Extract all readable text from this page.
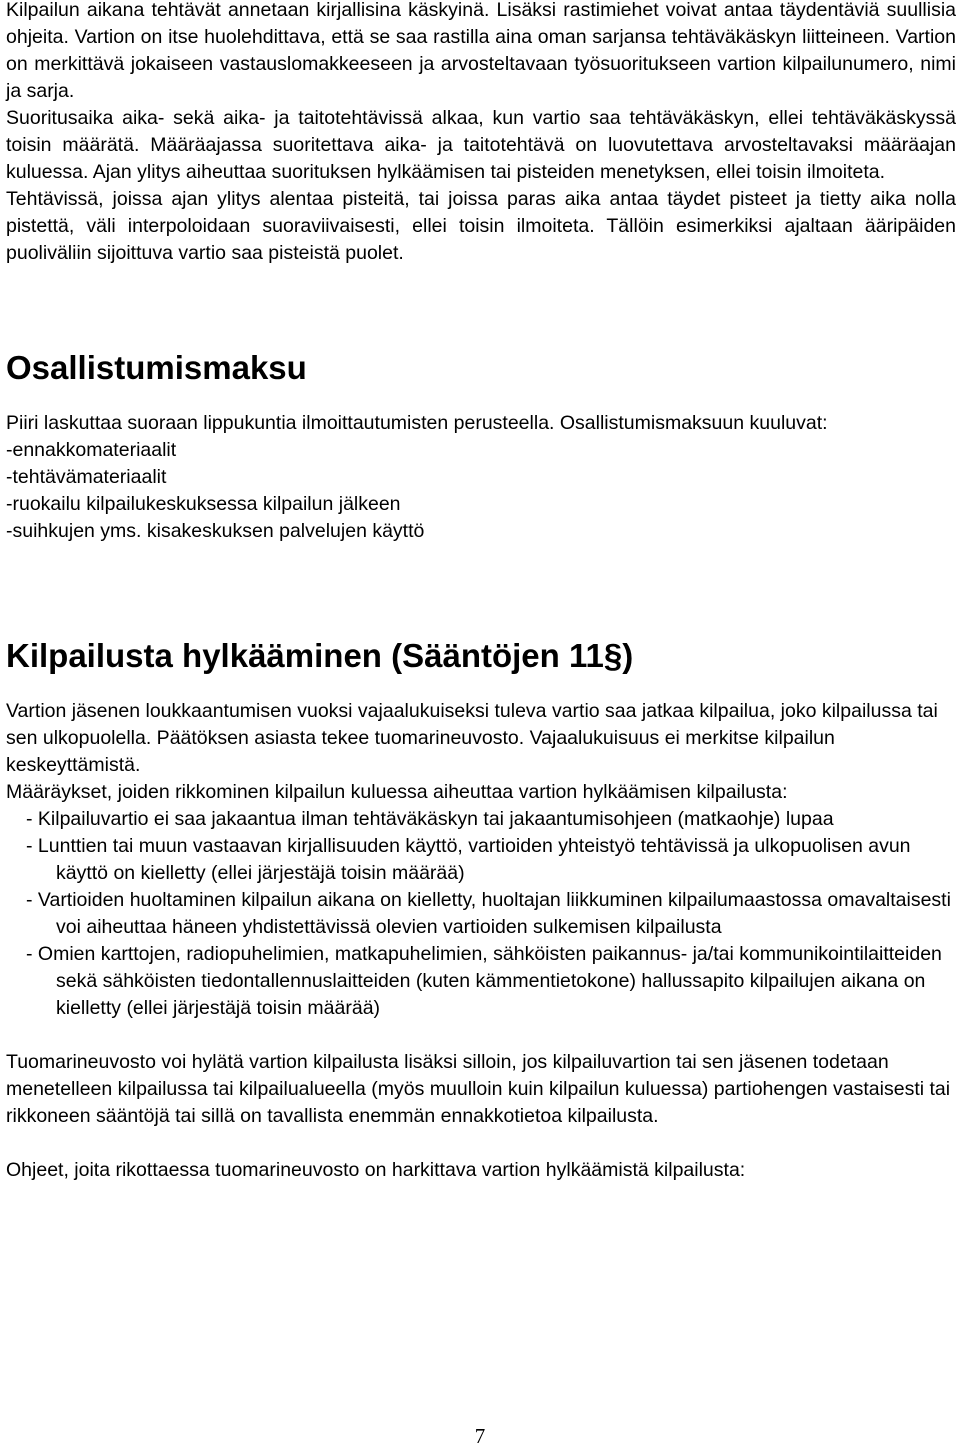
Kilpailun aikana tehtävät annetaan kirjallisina käskyinä. Lisäksi rastimiehet voivat antaa täydentäviä suullisia ohjeita. Vartion on itse huolehdittava, että se saa rastilla aina oman sarjansa tehtäväkäskyn liitteineen. Vartion on merkittävä jokaiseen vastauslomakkeeseen ja arvosteltavaan työsuoritukseen vartion kilpailunumero, nimi ja sarja.

Suoritusaika aika- sekä aika- ja taitotehtävissä alkaa, kun vartio saa tehtäväkäskyn, ellei tehtäväkäskyssä toisin määrätä. Määräajassa suoritettava aika- ja taitotehtävä on luovutettava arvosteltavaksi määräajan kuluessa. Ajan ylitys aiheuttaa suorituksen hylkäämisen tai pisteiden menetyksen, ellei toisin ilmoiteta.

Tehtävissä, joissa ajan ylitys alentaa pisteitä, tai joissa paras aika antaa täydet pisteet ja tietty aika nolla pistettä, väli interpoloidaan suoraviivaisesti, ellei toisin ilmoiteta. Tällöin esimerkiksi ajaltaan ääripäiden puoliväliin sijoittuva vartio saa pisteistä puolet.

Osallistumismaksu

Piiri laskuttaa suoraan lippukuntia ilmoittautumisten perusteella. Osallistumismaksuun kuuluvat:

-ennakkomateriaalit

-tehtävämateriaalit

-ruokailu kilpailukeskuksessa kilpailun jälkeen

-suihkujen yms. kisakeskuksen palvelujen käyttö

Kilpailusta hylkääminen (Sääntöjen 11§)

Vartion jäsenen loukkaantumisen vuoksi vajaalukuiseksi tuleva vartio saa jatkaa kilpailua, joko kilpailussa tai sen ulkopuolella. Päätöksen asiasta tekee tuomarineuvosto. Vajaalukuisuus ei merkitse kilpailun keskeyttämistä.

Määräykset, joiden rikkominen kilpailun kuluessa aiheuttaa vartion hylkäämisen kilpailusta:

- Kilpailuvartio ei saa jakaantua ilman tehtäväkäskyn tai jakaantumisohjeen (matkaohje) lupaa

- Lunttien tai muun vastaavan kirjallisuuden käyttö, vartioiden yhteistyö tehtävissä ja ulkopuolisen avun käyttö on kielletty (ellei järjestäjä toisin määrää)

- Vartioiden huoltaminen kilpailun aikana on kielletty, huoltajan liikkuminen kilpailumaastossa omavaltaisesti voi aiheuttaa häneen yhdistettävissä olevien vartioiden sulkemisen kilpailusta

- Omien karttojen, radiopuhelimien, matkapuhelimien, sähköisten paikannus- ja/tai kommunikointilaitteiden sekä sähköisten tiedontallennuslaitteiden (kuten kämmentietokone) hallussapito kilpailujen aikana on kielletty (ellei järjestäjä toisin määrää)

Tuomarineuvosto voi hylätä vartion kilpailusta lisäksi silloin, jos kilpailuvartion tai sen jäsenen todetaan menetelleen kilpailussa tai kilpailualueella (myös muulloin kuin kilpailun kuluessa) partiohengen vastaisesti tai rikkoneen sääntöjä tai sillä on tavallista enemmän ennakkotietoa kilpailusta.

Ohjeet, joita rikottaessa tuomarineuvosto on harkittava vartion hylkäämistä kilpailusta:

7
